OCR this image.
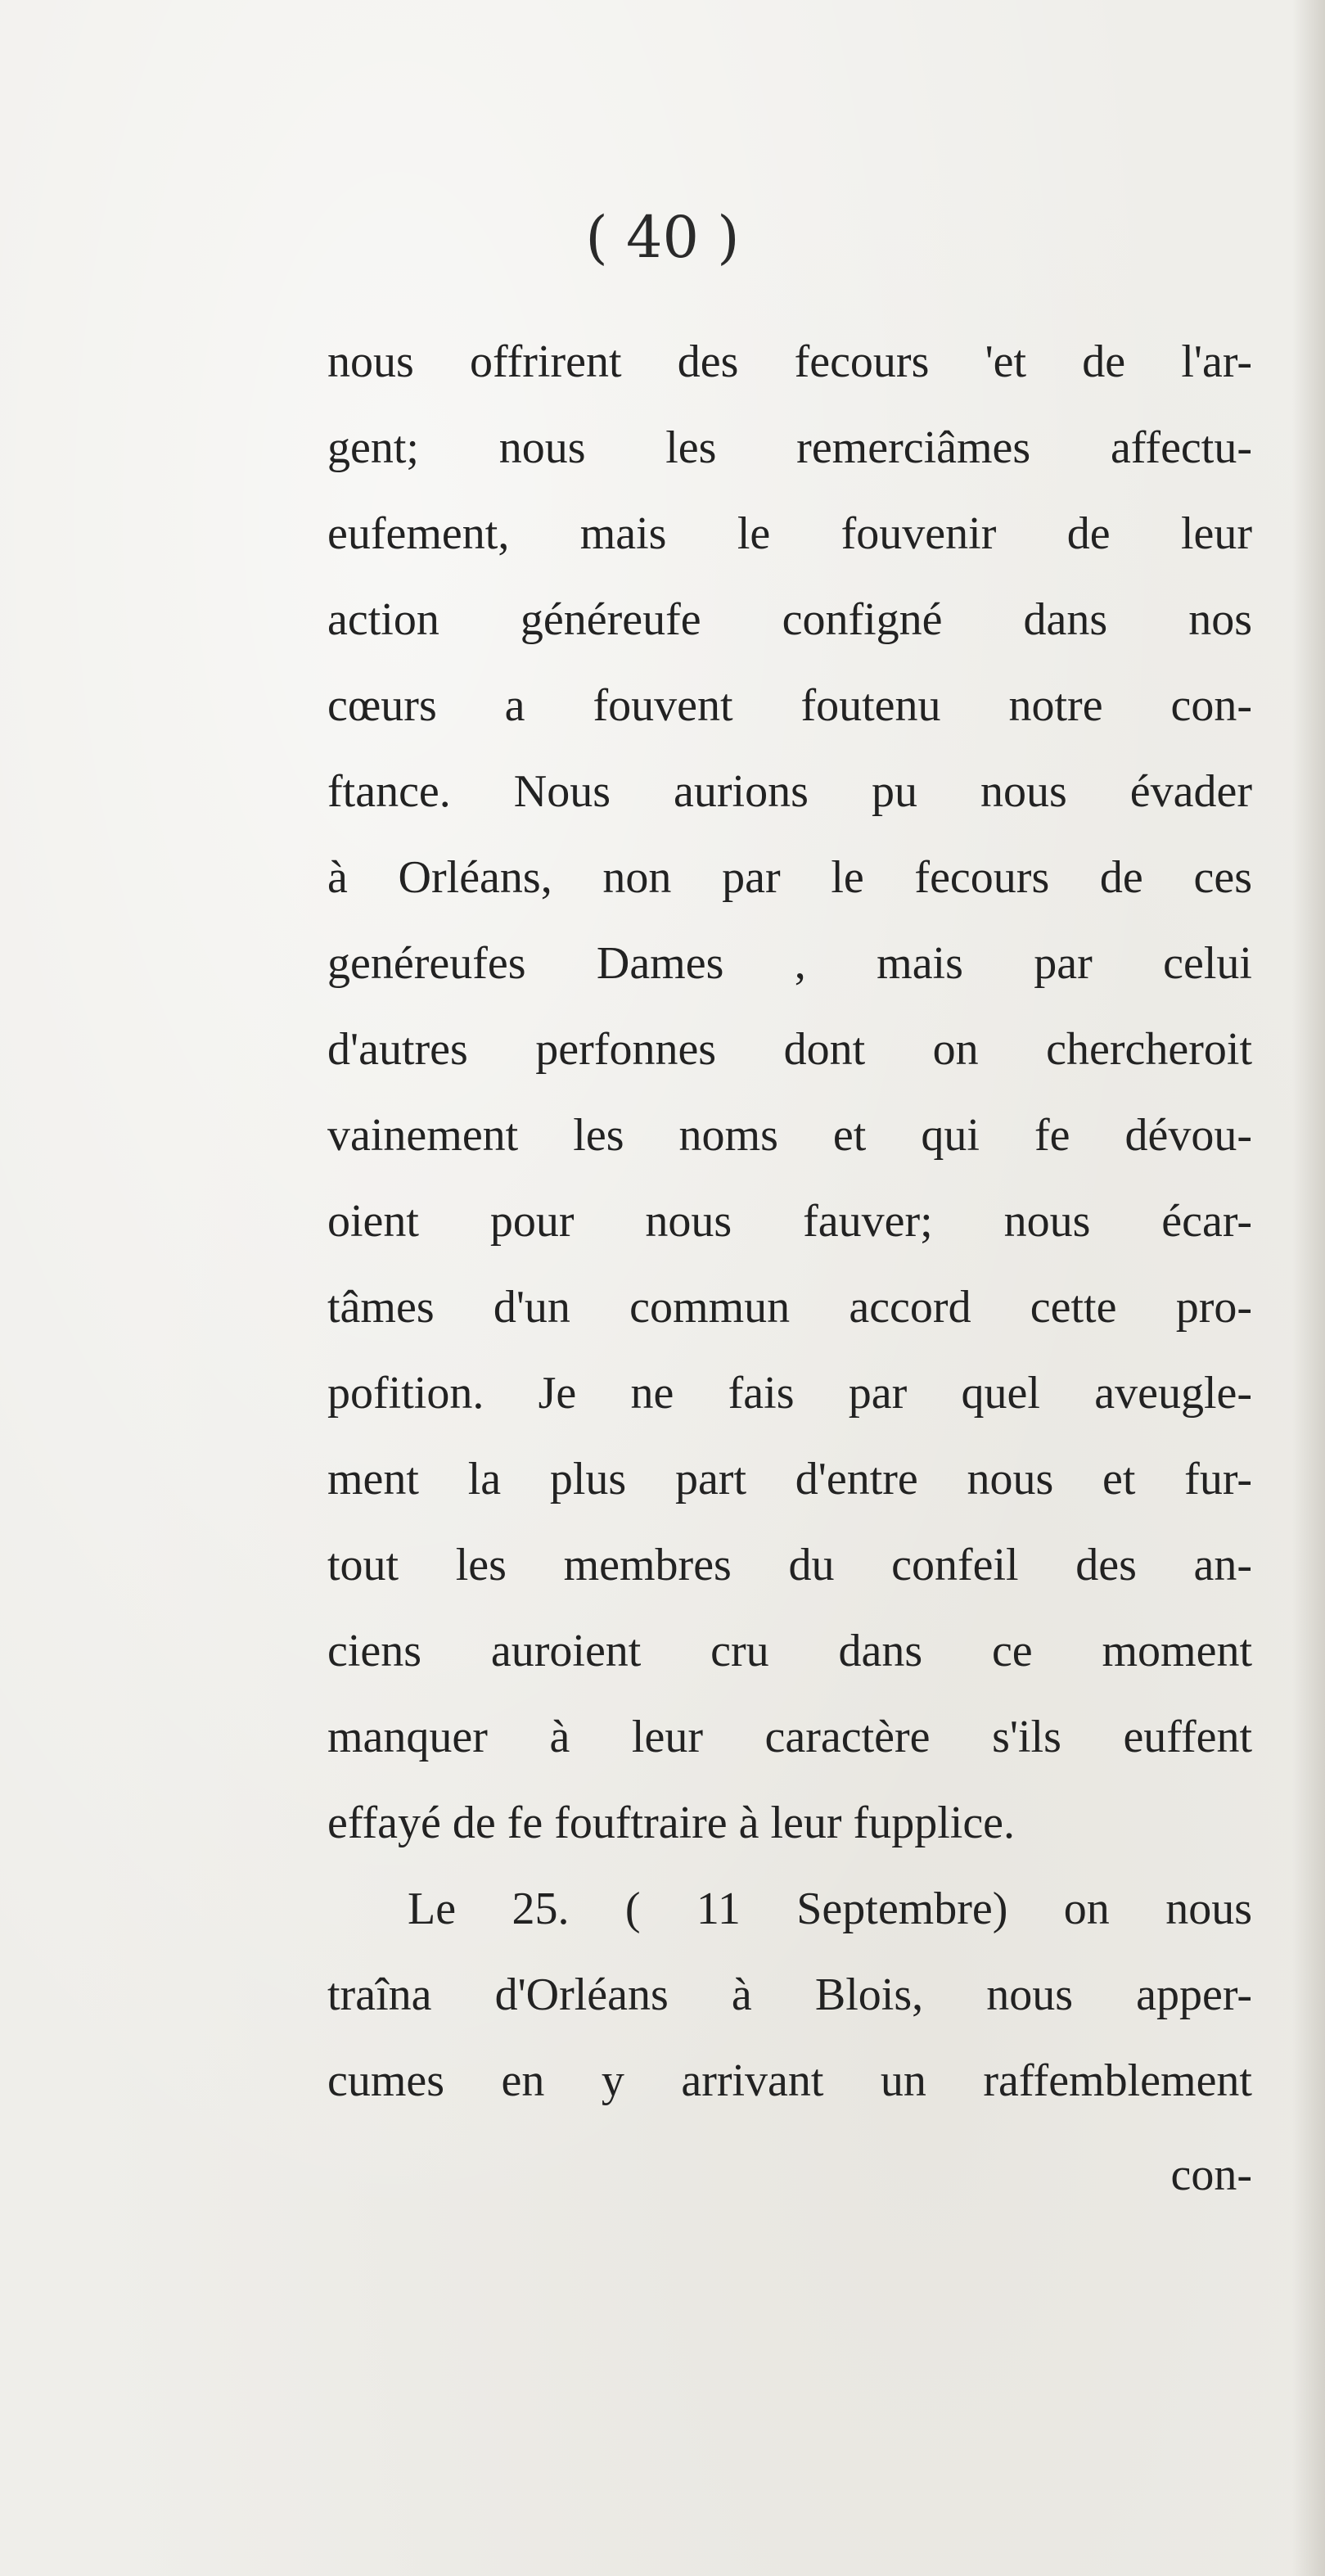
( 40 )
nous offrirent des fecours 'et de l'ar-
gent; nous les remerciâmes affectu-
eufement, mais le fouvenir de leur
action généreufe configné dans nos
cœurs a fouvent foutenu notre con-
ftance. Nous aurions pu nous évader
à Orléans, non par le fecours de ces
genéreufes Dames , mais par celui
d'autres perfonnes dont on chercheroit
vainement les noms et qui fe dévou-
oient pour nous fauver; nous écar-
tâmes d'un commun accord cette pro-
pofition. Je ne fais par quel aveugle-
ment la plus part d'entre nous et fur-
tout les membres du confeil des an-
ciens auroient cru dans ce moment
manquer à leur caractère s'ils euffent
effayé de fe fouftraire à leur fupplice.
Le 25. ( 11 Septembre) on nous
traîna d'Orléans à Blois, nous apper-
cumes en y arrivant un raffemblement
con-
